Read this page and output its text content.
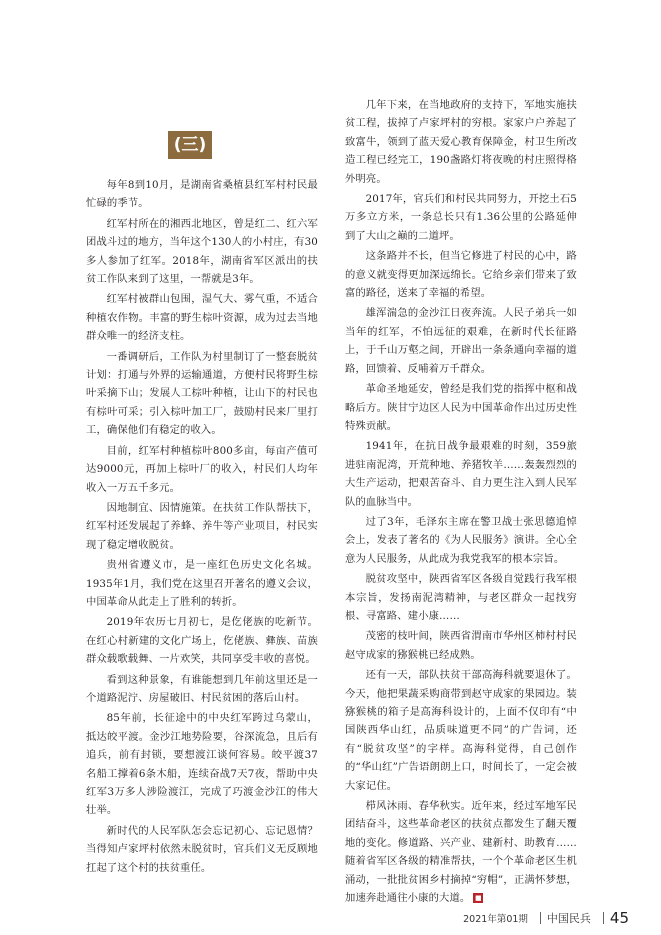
(三)

每年8到10月，是湖南省桑植县红军村村民最忙碌的季节。

红军村所在的湘西北地区，曾是红二、红六军团战斗过的地方，当年这个130人的小村庄，有30多人参加了红军。2018年，湖南省军区派出的扶贫工作队来到了这里，一帮就是3年。

红军村被群山包围，湿气大、雾气重，不适合种植农作物。丰富的野生棕叶资源，成为过去当地群众唯一的经济支柱。

一番调研后，工作队为村里制订了一整套脱贫计划：打通与外界的运输通道，方便村民将野生棕叶采摘下山；发展人工棕叶种植，让山下的村民也有棕叶可采；引入棕叶加工厂，鼓励村民来厂里打工，确保他们有稳定的收入。

目前，红军村种植棕叶800多亩，每亩产值可达9000元，再加上棕叶厂的收入，村民们人均年收入一万五千多元。

因地制宜、因情施策。在扶贫工作队帮扶下，红军村还发展起了养蜂、养牛等产业项目，村民实现了稳定增收脱贫。

贵州省遵义市，是一座红色历史文化名城。1935年1月，我们党在这里召开著名的遵义会议，中国革命从此走上了胜利的转折。

2019年农历七月初七，是仡佬族的吃新节。在红心村新建的文化广场上，仡佬族、彝族、苗族群众载歌载舞、一片欢笑，共同享受丰收的喜悦。

看到这种景象，有谁能想到几年前这里还是一个道路泥泞、房屋破旧、村民贫困的落后山村。

85年前，长征途中的中央红军跨过乌蒙山，抵达皎平渡。金沙江地势险要，谷深流急，且后有追兵，前有封锁，要想渡江谈何容易。皎平渡37名船工撑着6条木船，连续奋战7天7夜，帮助中央红军3万多人涉险渡江，完成了巧渡金沙江的伟大壮举。

新时代的人民军队怎会忘记初心、忘记恩情？当得知卢家坪村依然未脱贫时，官兵们义无反顾地扛起了这个村的扶贫重任。

几年下来，在当地政府的支持下，军地实施扶贫工程，拔掉了卢家坪村的穷根。家家户户养起了致富牛，领到了蓝天爱心教育保障金，村卫生所改造工程已经完工，190盏路灯将夜晚的村庄照得格外明亮。

2017年，官兵们和村民共同努力，开挖土石5万多立方米，一条总长只有1.36公里的公路延伸到了大山之巅的二道坪。

这条路并不长，但当它修进了村民的心中，路的意义就变得更加深远绵长。它给乡亲们带来了致富的路径，送来了幸福的希望。

雄浑湍急的金沙江日夜奔流。人民子弟兵一如当年的红军，不怕远征的艰难，在新时代长征路上，于千山万壑之间，开辟出一条条通向幸福的道路，回馈着、反哺着万千群众。

革命圣地延安，曾经是我们党的指挥中枢和战略后方。陕甘宁边区人民为中国革命作出过历史性特殊贡献。

1941年，在抗日战争最艰难的时刻，359旅进驻南泥湾，开荒种地、养猪牧羊……轰轰烈烈的大生产运动，把艰苦奋斗、自力更生注入到人民军队的血脉当中。

过了3年，毛泽东主席在警卫战士张思德追悼会上，发表了著名的《为人民服务》演讲。全心全意为人民服务，从此成为我党我军的根本宗旨。

脱贫攻坚中，陕西省军区各级自觉践行我军根本宗旨，发扬南泥湾精神，与老区群众一起找穷根、寻富路、建小康……

茂密的枝叶间，陕西省渭南市华州区柿村村民赵守成家的猕猴桃已经成熟。

还有一天，部队扶贫干部高海科就要退休了。今天，他把果蔬采购商带到赵守成家的果园边。装猕猴桃的箱子是高海科设计的，上面不仅印有“中国陕西华山红，品质味道更不同”的广告词，还有“脱贫攻坚”的字样。高海科觉得，自己创作的“华山红”广告语朗朗上口，时间长了，一定会被大家记住。

栉风沐雨、春华秋实。近年来，经过军地军民团结奋斗，这些革命老区的扶贫点都发生了翻天覆地的变化。修道路、兴产业、建新村、助教育……随着省军区各级的精准帮扶，一个个革命老区生机涌动，一批批贫困乡村摘掉“穷帽”，正满怀梦想，加速奔赴通往小康的大道。 ■

2021年第01期 中国民兵 45
